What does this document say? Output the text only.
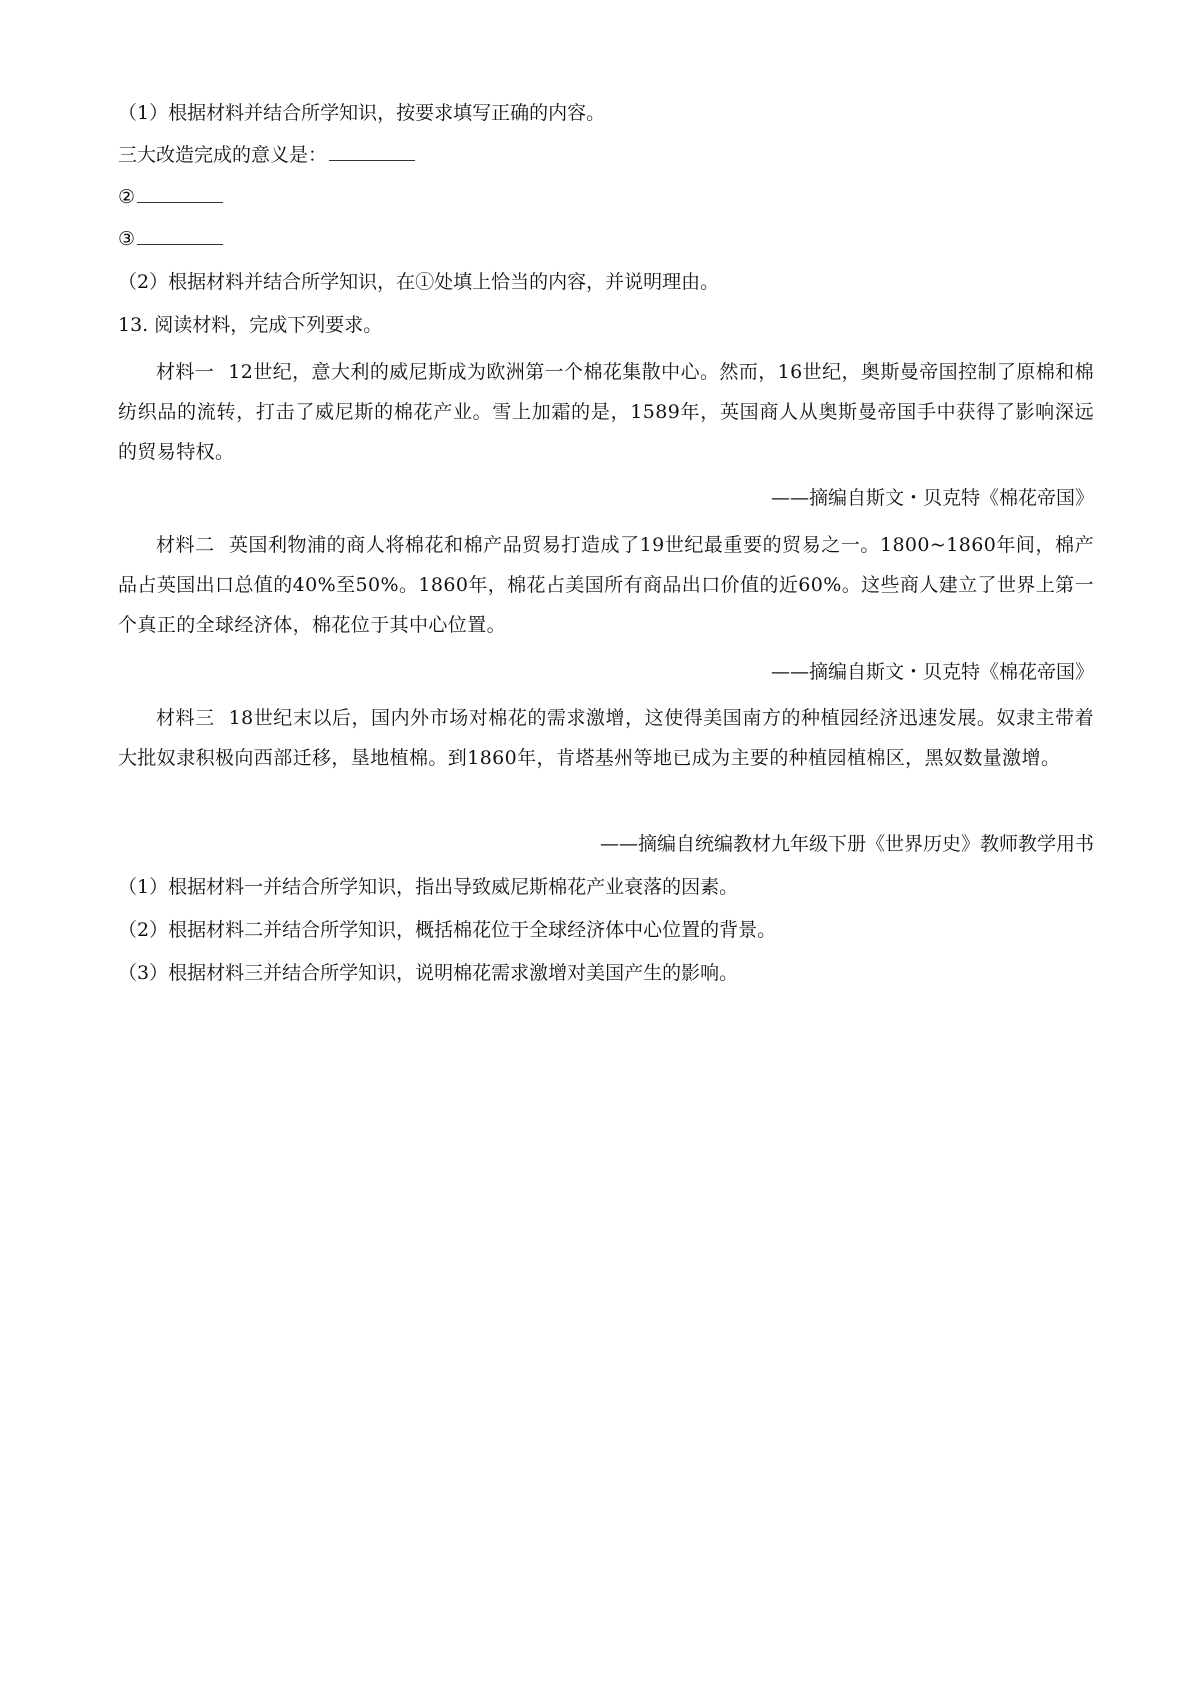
（1）根据材料并结合所学知识，按要求填写正确的内容。
三大改造完成的意义是：
②
③
（2）根据材料并结合所学知识，在①处填上恰当的内容，并说明理由。
13. 阅读材料，完成下列要求。
材料一 12世纪，意大利的威尼斯成为欧洲第一个棉花集散中心。然而，16世纪，奥斯曼帝国控制了原棉和棉纺织品的流转，打击了威尼斯的棉花产业。雪上加霜的是，1589年，英国商人从奥斯曼帝国手中获得了影响深远的贸易特权。
——摘编自斯文・贝克特《棉花帝国》
材料二 英国利物浦的商人将棉花和棉产品贸易打造成了19世纪最重要的贸易之一。1800~1860年间，棉产品占英国出口总值的40%至50%。1860年，棉花占美国所有商品出口价值的近60%。这些商人建立了世界上第一个真正的全球经济体，棉花位于其中心位置。
——摘编自斯文・贝克特《棉花帝国》
材料三 18世纪末以后，国内外市场对棉花的需求激增，这使得美国南方的种植园经济迅速发展。奴隶主带着大批奴隶积极向西部迁移，垦地植棉。到1860年，肯塔基州等地已成为主要的种植园植棉区，黑奴数量激增。
——摘编自统编教材九年级下册《世界历史》教师教学用书
（1）根据材料一并结合所学知识，指出导致威尼斯棉花产业衰落的因素。
（2）根据材料二并结合所学知识，概括棉花位于全球经济体中心位置的背景。
（3）根据材料三并结合所学知识，说明棉花需求激增对美国产生的影响。
